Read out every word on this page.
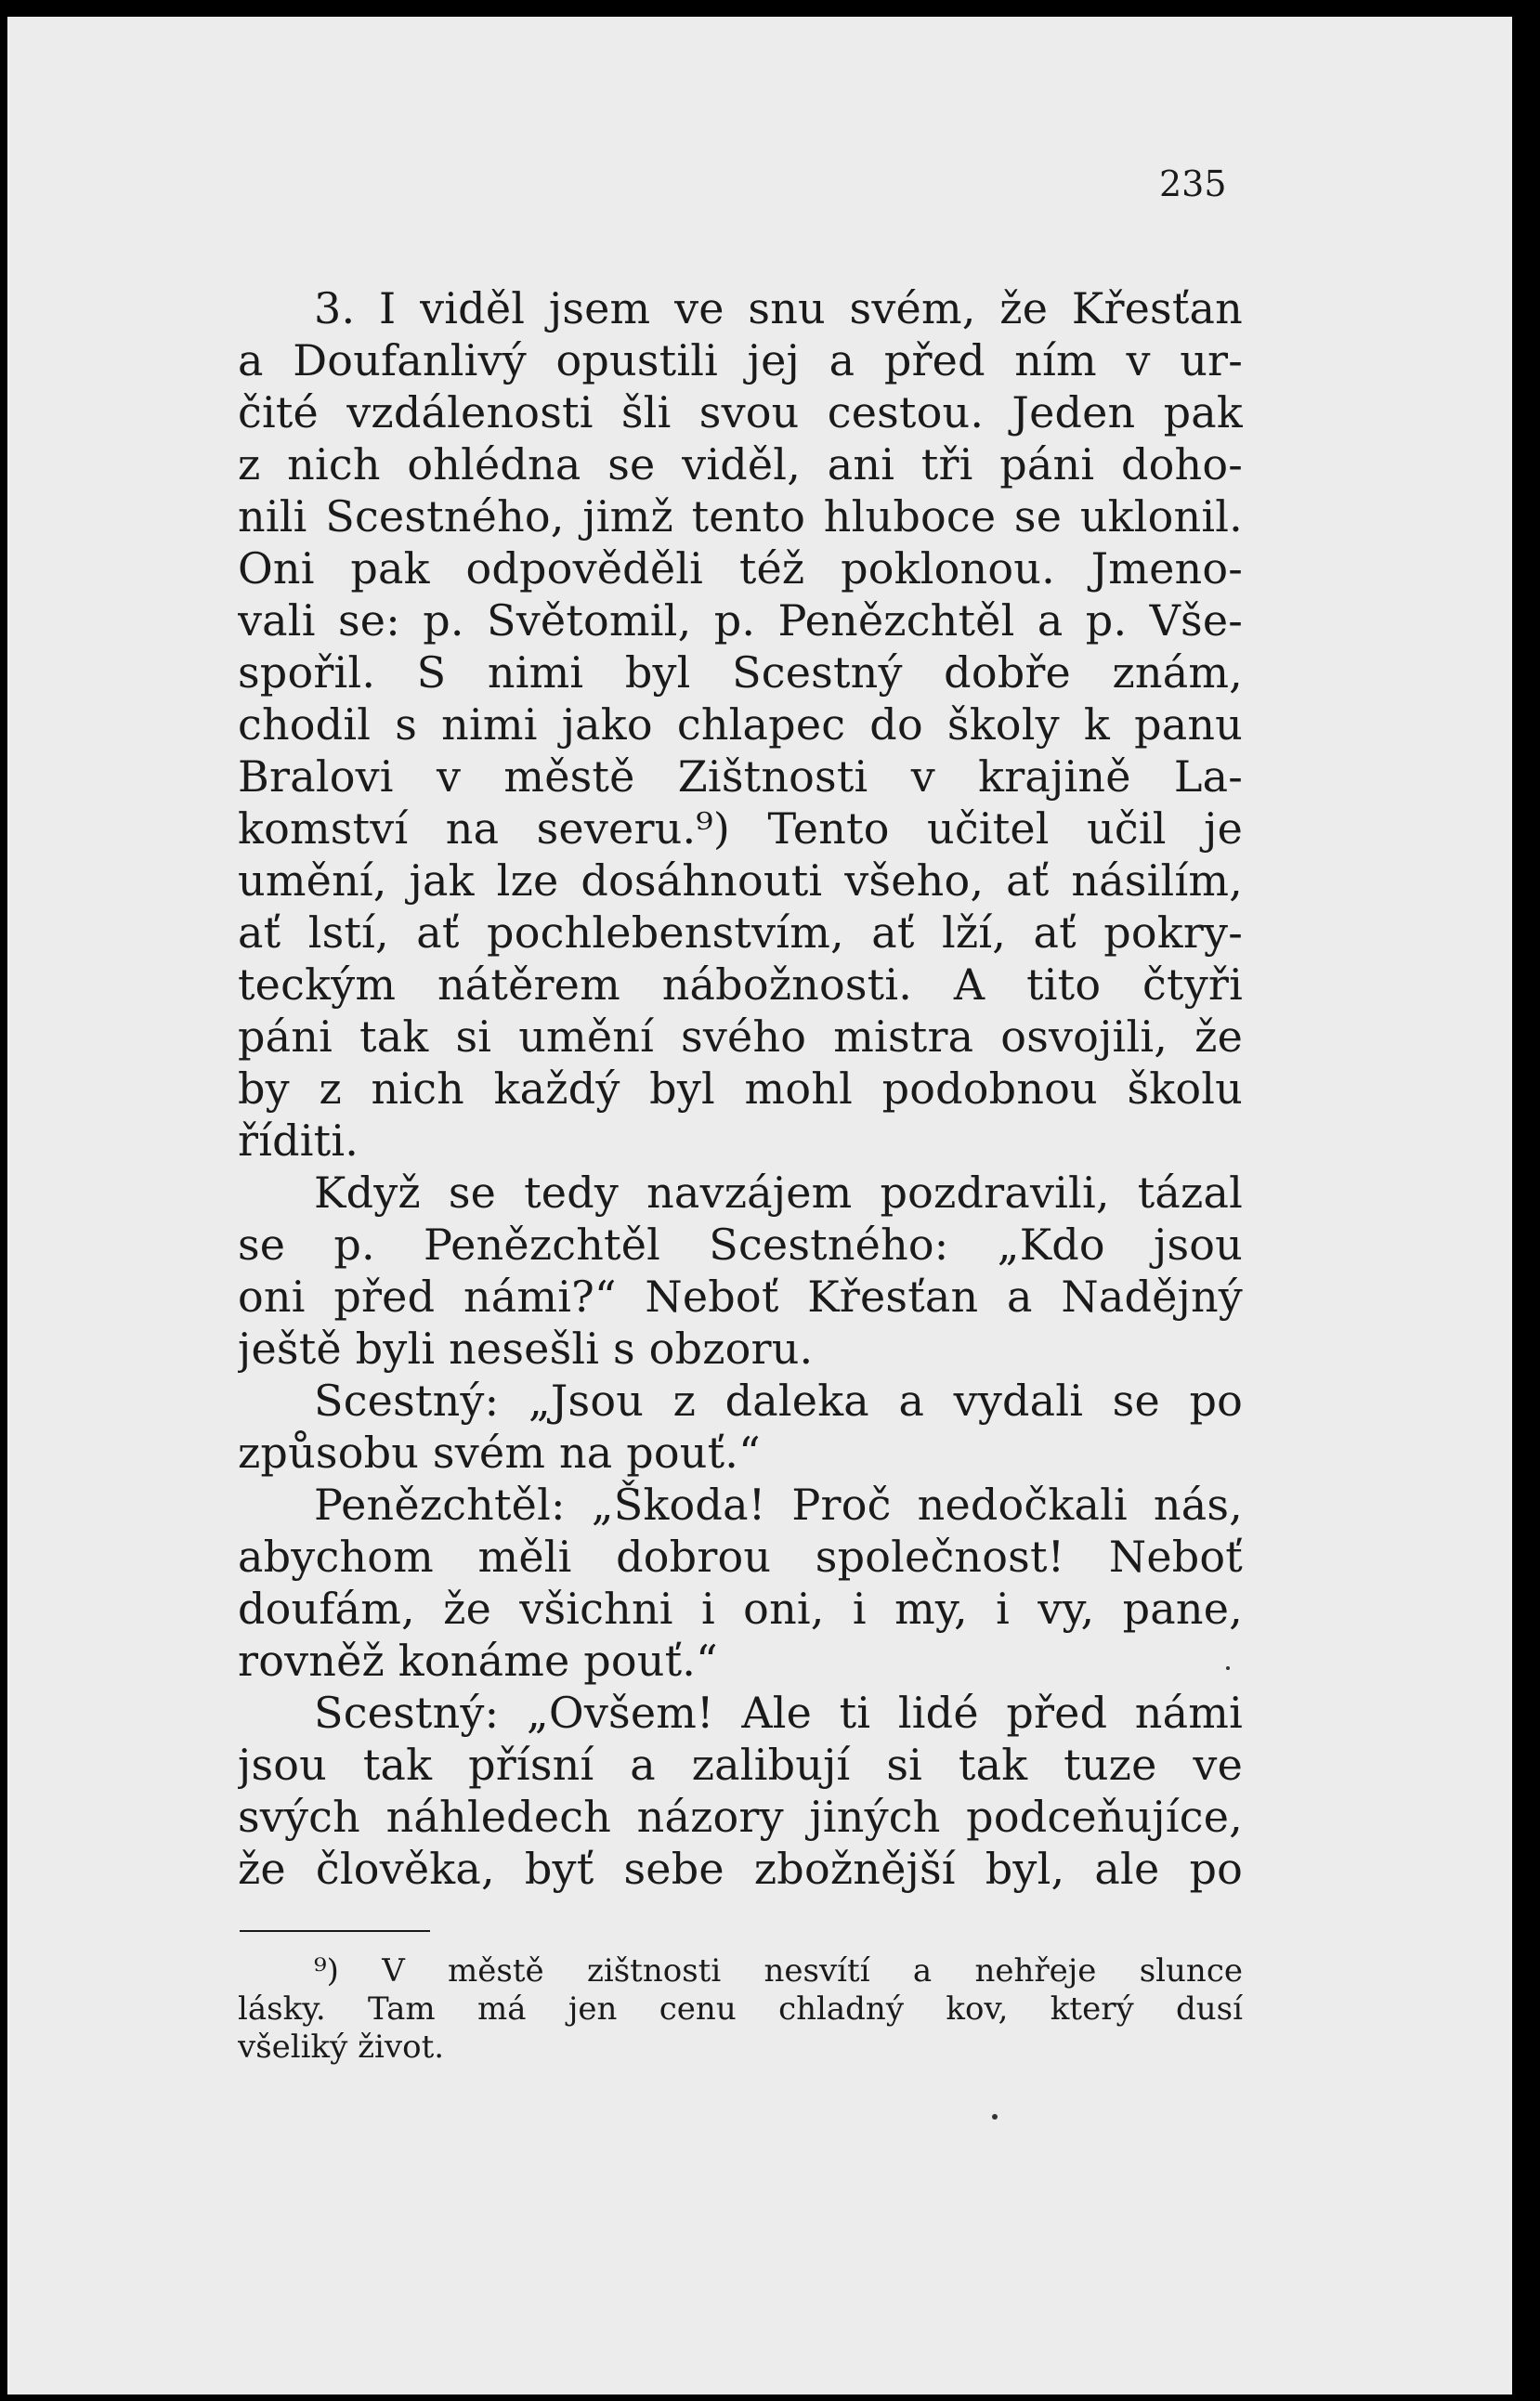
235
3. I viděl jsem ve snu svém, že Křesťan
a Doufanlivý opustili jej a před ním v ur-
čité vzdálenosti šli svou cestou. Jeden pak
z nich ohlédna se viděl, ani tři páni doho-
nili Scestného, jimž tento hluboce se uklonil.
Oni pak odpověděli též poklonou. Jmeno-
vali se: p. Světomil, p. Penězchtěl a p. Vše-
spořil. S nimi byl Scestný dobře znám,
chodil s nimi jako chlapec do školy k panu
Bralovi v městě Zištnosti v krajině La-
komství na severu.⁹) Tento učitel učil je
umění, jak lze dosáhnouti všeho, ať násilím,
ať lstí, ať pochlebenstvím, ať lží, ať pokry-
teckým nátěrem nábožnosti. A tito čtyři
páni tak si umění svého mistra osvojili, že
by z nich každý byl mohl podobnou školu
říditi.
Když se tedy navzájem pozdravili, tázal
se p. Penězchtěl Scestného: „Kdo jsou
oni před námi?“ Neboť Křesťan a Nadějný
ještě byli nesešli s obzoru.
Scestný: „Jsou z daleka a vydali se po
způsobu svém na pouť.“
Penězchtěl: „Škoda! Proč nedočkali nás,
abychom měli dobrou společnost! Neboť
doufám, že všichni i oni, i my, i vy, pane,
rovněž konáme pouť.“
Scestný: „Ovšem! Ale ti lidé před námi
jsou tak přísní a zalibují si tak tuze ve
svých náhledech názory jiných podceňujíce,
že člověka, byť sebe zbožnější byl, ale po
⁹) V městě zištnosti nesvítí a nehřeje slunce
lásky. Tam má jen cenu chladný kov, který dusí
všeliký život.
